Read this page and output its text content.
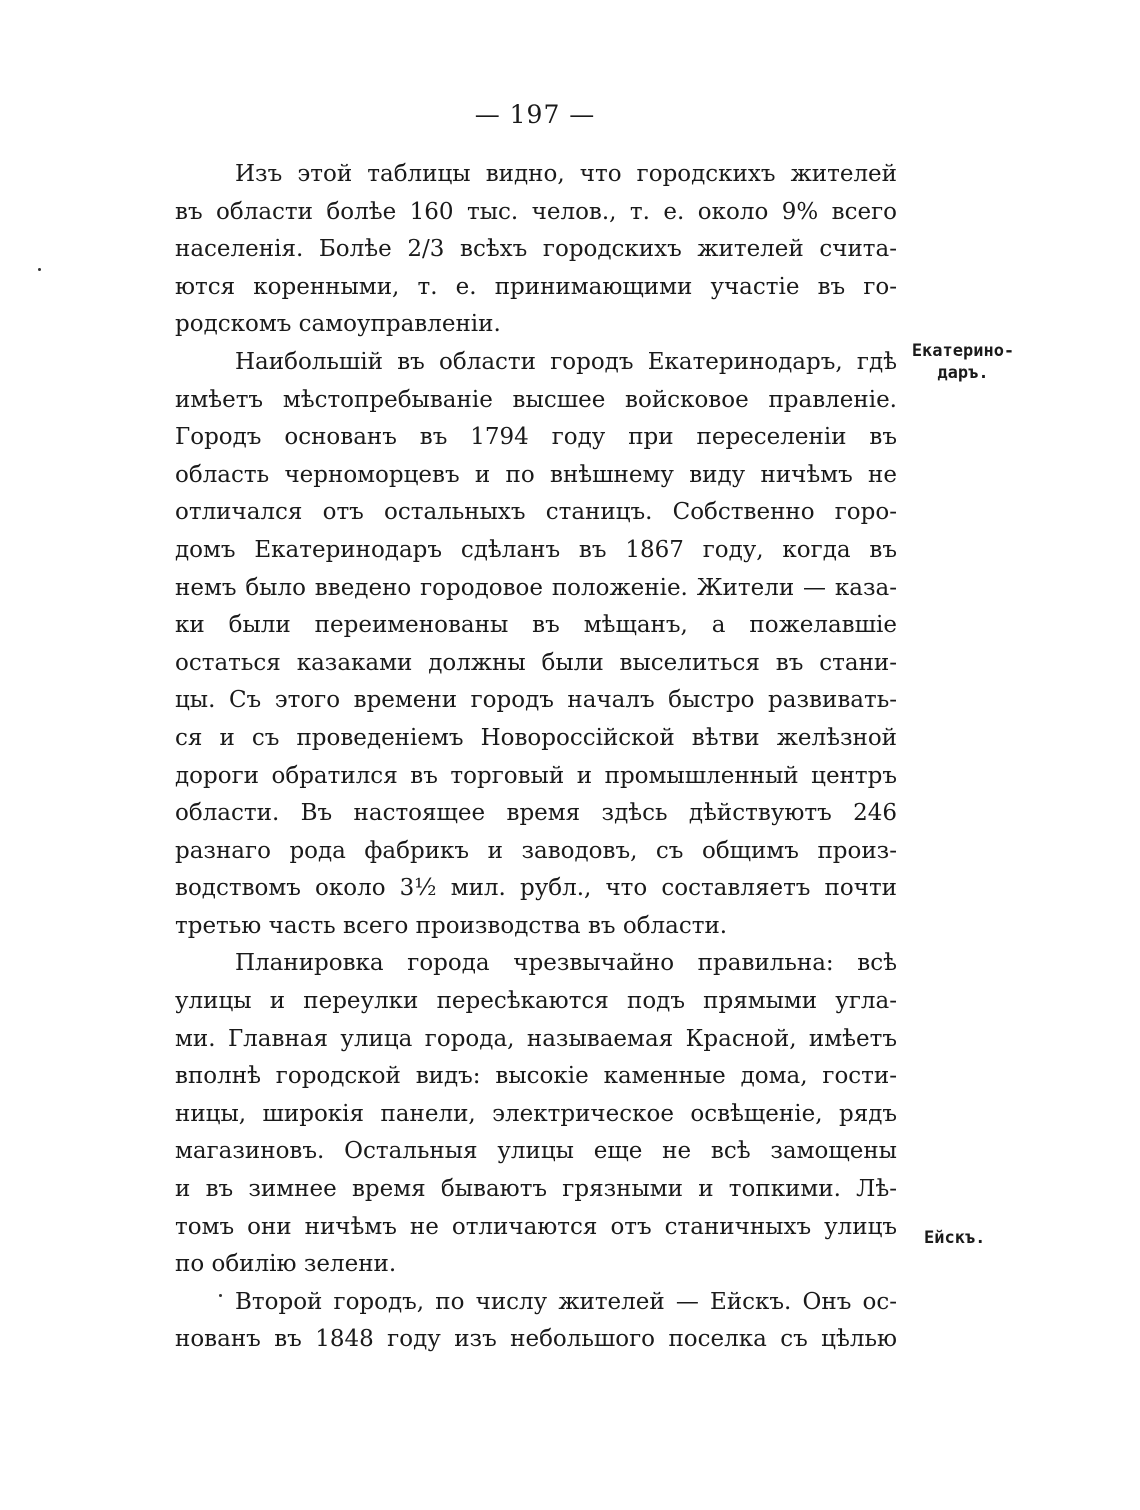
— 197 —
Изъ этой таблицы видно, что городскихъ жителей
въ области болѣе 160 тыс. челов., т. е. около 9% всего
населенія. Болѣе 2/3 всѣхъ городскихъ жителей счита-
ются коренными, т. е. принимающими участіе въ го-
родскомъ самоуправленіи.
Наибольшій въ области городъ Екатеринодаръ, гдѣ
имѣетъ мѣстопребываніе высшее войсковое правленіе.
Городъ основанъ въ 1794 году при переселеніи въ
область черноморцевъ и по внѣшнему виду ничѣмъ не
отличался отъ остальныхъ станицъ. Собственно горо-
домъ Екатеринодаръ сдѣланъ въ 1867 году, когда въ
немъ было введено городовое положеніе. Жители — каза-
ки были переименованы въ мѣщанъ, а пожелавшіе
остаться казаками должны были выселиться въ стани-
цы. Съ этого времени городъ началъ быстро развивать-
ся и съ проведеніемъ Новороссійской вѣтви желѣзной
дороги обратился въ торговый и промышленный центръ
области. Въ настоящее время здѣсь дѣйствуютъ 246
разнаго рода фабрикъ и заводовъ, съ общимъ произ-
водствомъ около 3½ мил. рубл., что составляетъ почти
третью часть всего производства въ области.
Планировка города чрезвычайно правильна: всѣ
улицы и переулки пересѣкаются подъ прямыми угла-
ми. Главная улица города, называемая Красной, имѣетъ
вполнѣ городской видъ: высокіе каменные дома, гости-
ницы, широкія панели, электрическое освѣщеніе, рядъ
магазиновъ. Остальныя улицы еще не всѣ замощены
и въ зимнее время бываютъ грязными и топкими. Лѣ-
томъ они ничѣмъ не отличаются отъ станичныхъ улицъ
по обилію зелени.
Второй городъ, по числу жителей — Ейскъ. Онъ ос-
нованъ въ 1848 году изъ небольшого поселка съ цѣлью
Екатерино-
даръ.
Ейскъ.
